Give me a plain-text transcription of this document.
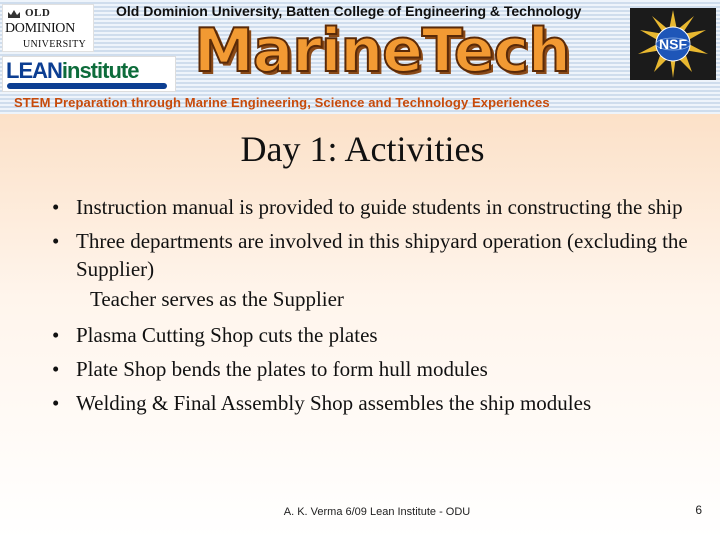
OLD
DOMINION
UNIVERSITY
Old Dominion University, Batten College of Engineering & Technology
MarineTech	NSF
LEANinstitute
STEM Preparation through Marine Engineering, Science and Technology Experiences
Day 1: Activities
• Instruction manual is provided to guide students in constructing the ship
• Three departments are involved in this shipyard operation (excluding the Supplier)
Teacher serves as the Supplier
• Plasma Cutting Shop cuts the plates
• Plate Shop bends the plates to form hull modules
• Welding & Final Assembly Shop assembles the ship modules
A. K. Verma 6/09 Lean Institute - ODU	6
